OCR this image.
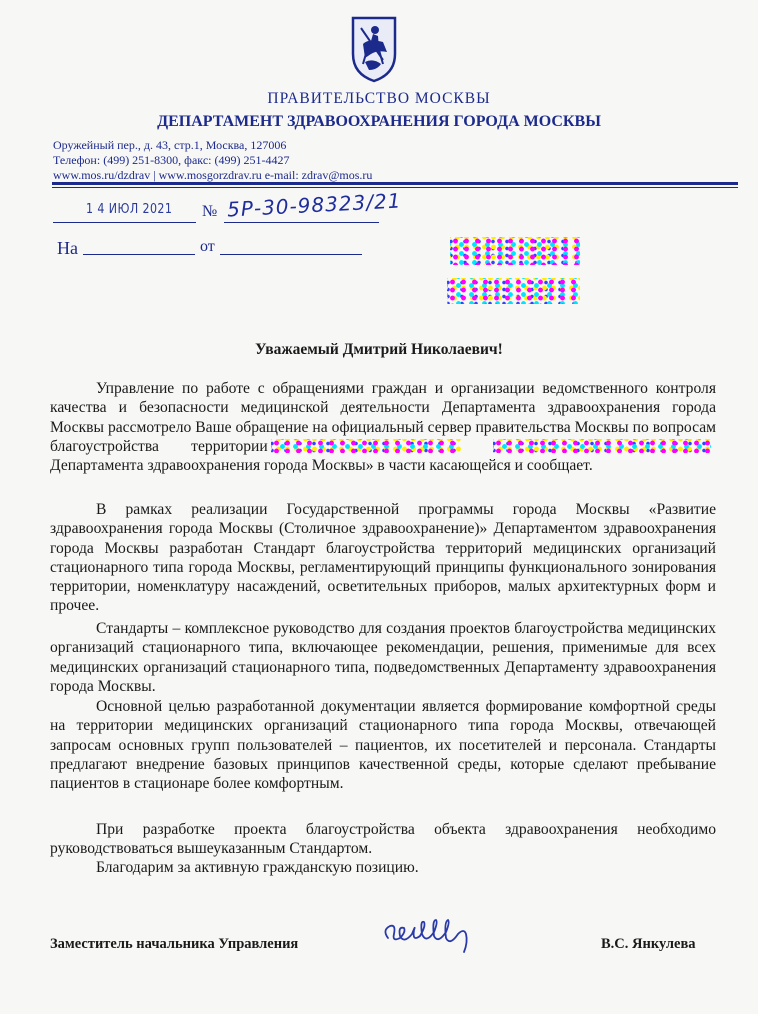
ПРАВИТЕЛЬСТВО МОСКВЫ
ДЕПАРТАМЕНТ ЗДРАВООХРАНЕНИЯ ГОРОДА МОСКВЫ
Оружейный пер., д. 43, стр.1, Москва, 127006
Телефон: (499) 251-8300, факс: (499) 251-4427
www.mos.ru/dzdrav | www.mosgorzdrav.ru e-mail: zdrav@mos.ru
1 4 ИЮЛ 2021 № 5Р-30-98323/21
На	от
Уважаемый Дмитрий Николаевич!

Управление по работе с обращениями граждан и организации ведомственного контроля качества и безопасности медицинской деятельности Департамента здравоохранения города Москвы рассмотрело Ваше обращение на официальный сервер правительства Москвы по вопросам благоустройства территории Департамента здравоохранения города Москвы» в части касающейся и сообщает.

В рамках реализации Государственной программы города Москвы «Развитие здравоохранения города Москвы (Столичное здравоохранение)» Департаментом здравоохранения города Москвы разработан Стандарт благоустройства территорий медицинских организаций стационарного типа города Москвы, регламентирующий принципы функционального зонирования территории, номенклатуру насаждений, осветительных приборов, малых архитектурных форм и прочее.

Стандарты – комплексное руководство для создания проектов благоустройства медицинских организаций стационарного типа, включающее рекомендации, решения, применимые для всех медицинских организаций стационарного типа, подведомственных Департаменту здравоохранения города Москвы.

Основной целью разработанной документации является формирование комфортной среды на территории медицинских организаций стационарного типа города Москвы, отвечающей запросам основных групп пользователей – пациентов, их посетителей и персонала. Стандарты предлагают внедрение базовых принципов качественной среды, которые сделают пребывание пациентов в стационаре более комфортным.

При разработке проекта благоустройства объекта здравоохранения необходимо руководствоваться вышеуказанным Стандартом.

Благодарим за активную гражданскую позицию.

Заместитель начальника Управления	В.С. Янкулева
